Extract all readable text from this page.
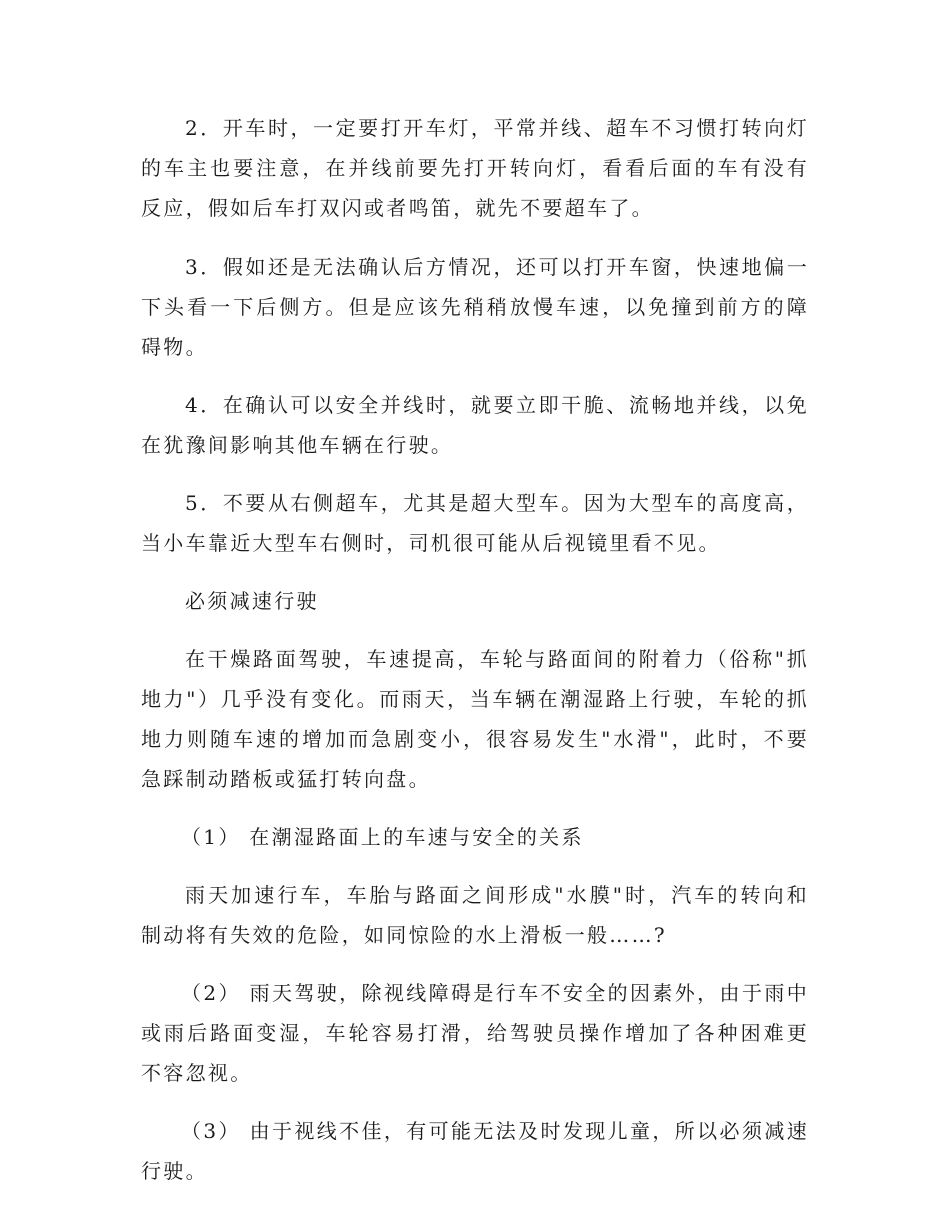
2．开车时，一定要打开车灯，平常并线、超车不习惯打转向灯的车主也要注意，在并线前要先打开转向灯，看看后面的车有没有反应，假如后车打双闪或者鸣笛，就先不要超车了。

3．假如还是无法确认后方情况，还可以打开车窗，快速地偏一下头看一下后侧方。但是应该先稍稍放慢车速，以免撞到前方的障碍物。

4．在确认可以安全并线时，就要立即干脆、流畅地并线，以免在犹豫间影响其他车辆在行驶。

5．不要从右侧超车，尤其是超大型车。因为大型车的高度高，当小车靠近大型车右侧时，司机很可能从后视镜里看不见。

必须减速行驶

在干燥路面驾驶，车速提高，车轮与路面间的附着力（俗称"抓地力"）几乎没有变化。而雨天，当车辆在潮湿路上行驶，车轮的抓地力则随车速的增加而急剧变小，很容易发生"水滑"，此时，不要急踩制动踏板或猛打转向盘。

（1） 在潮湿路面上的车速与安全的关系

雨天加速行车，车胎与路面之间形成"水膜"时，汽车的转向和制动将有失效的危险，如同惊险的水上滑板一般……?

（2） 雨天驾驶，除视线障碍是行车不安全的因素外，由于雨中或雨后路面变湿，车轮容易打滑，给驾驶员操作增加了各种困难更不容忽视。

（3） 由于视线不佳，有可能无法及时发现儿童，所以必须减速行驶。
